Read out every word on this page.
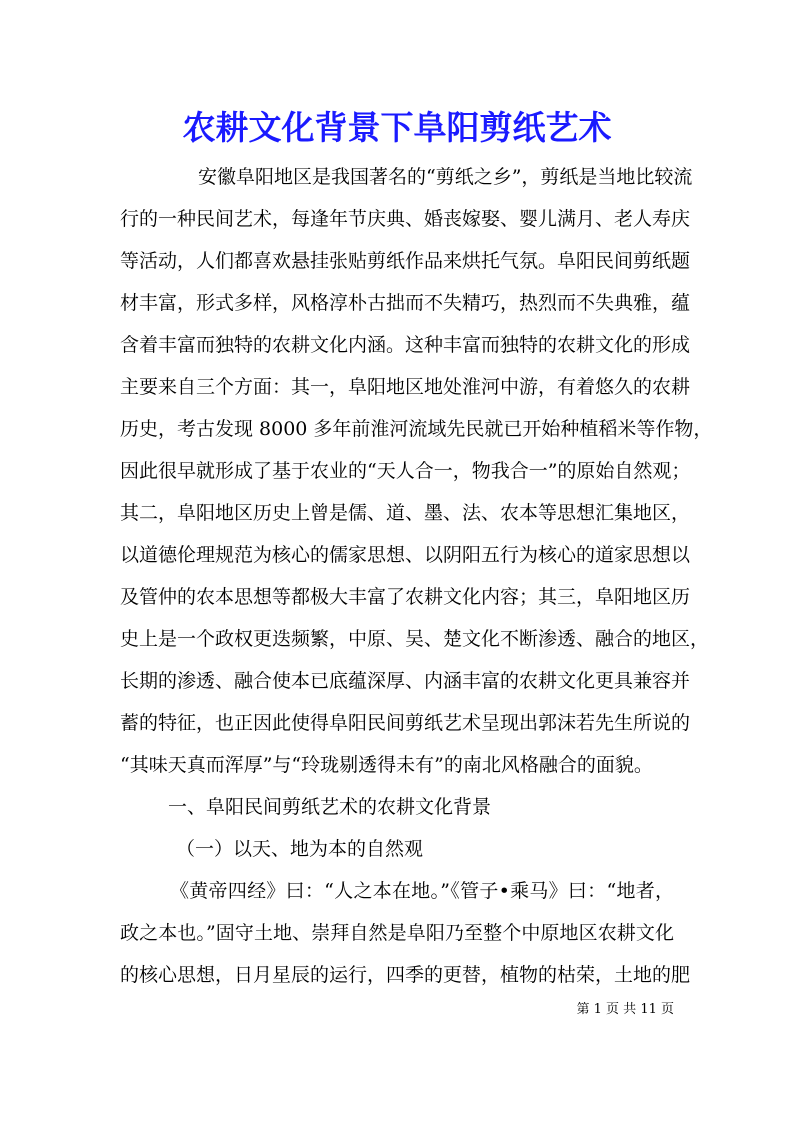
农耕文化背景下阜阳剪纸艺术
安徽阜阳地区是我国著名的“剪纸之乡”，剪纸是当地比较流
行的一种民间艺术，每逢年节庆典、婚丧嫁娶、婴儿满月、老人寿庆
等活动，人们都喜欢悬挂张贴剪纸作品来烘托气氛。阜阳民间剪纸题
材丰富，形式多样，风格淳朴古拙而不失精巧，热烈而不失典雅，蕴
含着丰富而独特的农耕文化内涵。这种丰富而独特的农耕文化的形成
主要来自三个方面：其一，阜阳地区地处淮河中游，有着悠久的农耕
历史，考古发现 8000 多年前淮河流域先民就已开始种植稻米等作物，
因此很早就形成了基于农业的“天人合一，物我合一”的原始自然观；
其二，阜阳地区历史上曾是儒、道、墨、法、农本等思想汇集地区，
以道德伦理规范为核心的儒家思想、以阴阳五行为核心的道家思想以
及管仲的农本思想等都极大丰富了农耕文化内容；其三，阜阳地区历
史上是一个政权更迭频繁，中原、吴、楚文化不断渗透、融合的地区，
长期的渗透、融合使本已底蕴深厚、内涵丰富的农耕文化更具兼容并
蓄的特征，也正因此使得阜阳民间剪纸艺术呈现出郭沫若先生所说的
“其味天真而浑厚”与“玲珑剔透得未有”的南北风格融合的面貌。
一、阜阳民间剪纸艺术的农耕文化背景
（一）以天、地为本的自然观
《黄帝四经》曰：“人之本在地。”《管子•乘马》曰：“地者，
政之本也。”固守土地、崇拜自然是阜阳乃至整个中原地区农耕文化
的核心思想，日月星辰的运行，四季的更替，植物的枯荣，土地的肥
第 1 页 共 11 页
